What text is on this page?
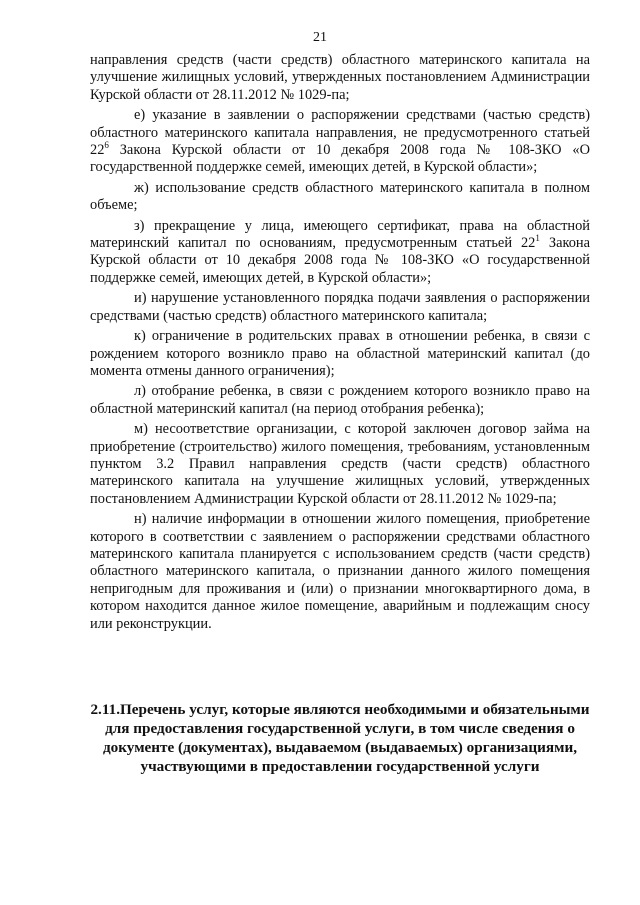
21

направления средств (части средств) областного материнского капитала на улучшение жилищных условий, утвержденных постановлением Администрации Курской области от 28.11.2012 № 1029-па;

е) указание в заявлении о распоряжении средствами (частью средств) областного материнского капитала направления, не предусмотренного статьей $22^6$ Закона Курской области от 10 декабря 2008 года № 108-ЗКО «О государственной поддержке семей, имеющих детей, в Курской области»;

ж) использование средств областного материнского капитала в полном объеме;

з) прекращение у лица, имеющего сертификат, права на областной материнский капитал по основаниям, предусмотренным статьей $22^1$ Закона Курской области от 10 декабря 2008 года № 108-ЗКО «О государственной поддержке семей, имеющих детей, в Курской области»;

и) нарушение установленного порядка подачи заявления о распоряжении средствами (частью средств) областного материнского капитала;

к) ограничение в родительских правах в отношении ребенка, в связи с рождением которого возникло право на областной материнский капитал (до момента отмены данного ограничения);

л) отобрание ребенка, в связи с рождением которого возникло право на областной материнский капитал (на период отобрания ребенка);

м) несоответствие организации, с которой заключен договор займа на приобретение (строительство) жилого помещения, требованиям, установленным пунктом 3.2 Правил направления средств (части средств) областного материнского капитала на улучшение жилищных условий, утвержденных постановлением Администрации Курской области от 28.11.2012 № 1029-па;

н) наличие информации в отношении жилого помещения, приобретение которого в соответствии с заявлением о распоряжении средствами областного материнского капитала планируется с использованием средств (части средств) областного материнского капитала, о признании данного жилого помещения непригодным для проживания и (или) о признании многоквартирного дома, в котором находится данное жилое помещение, аварийным и подлежащим сносу или реконструкции.

2.11.Перечень услуг, которые являются необходимыми и обязательными для предоставления государственной услуги, в том числе сведения о документе (документах), выдаваемом (выдаваемых) организациями, участвующими в предоставлении государственной услуги
